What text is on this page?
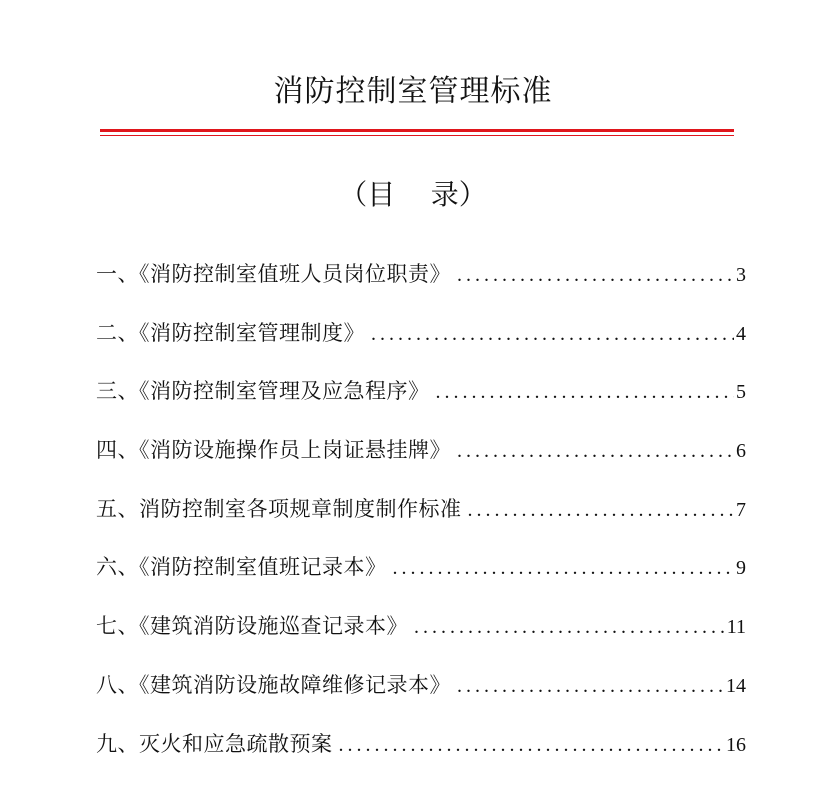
消防控制室管理标准
（目    录）
一、《消防控制室值班人员岗位职责》 .....	3
二、《消防控制室管理制度》 .....	4
三、《消防控制室管理及应急程序》 .....	5
四、《消防设施操作员上岗证悬挂牌》 .....	6
五、消防控制室各项规章制度制作标准 .....	7
六、《消防控制室值班记录本》 .....	9
七、《建筑消防设施巡查记录本》 .....	11
八、《建筑消防设施故障维修记录本》 .....	14
九、灭火和应急疏散预案 .....	16
